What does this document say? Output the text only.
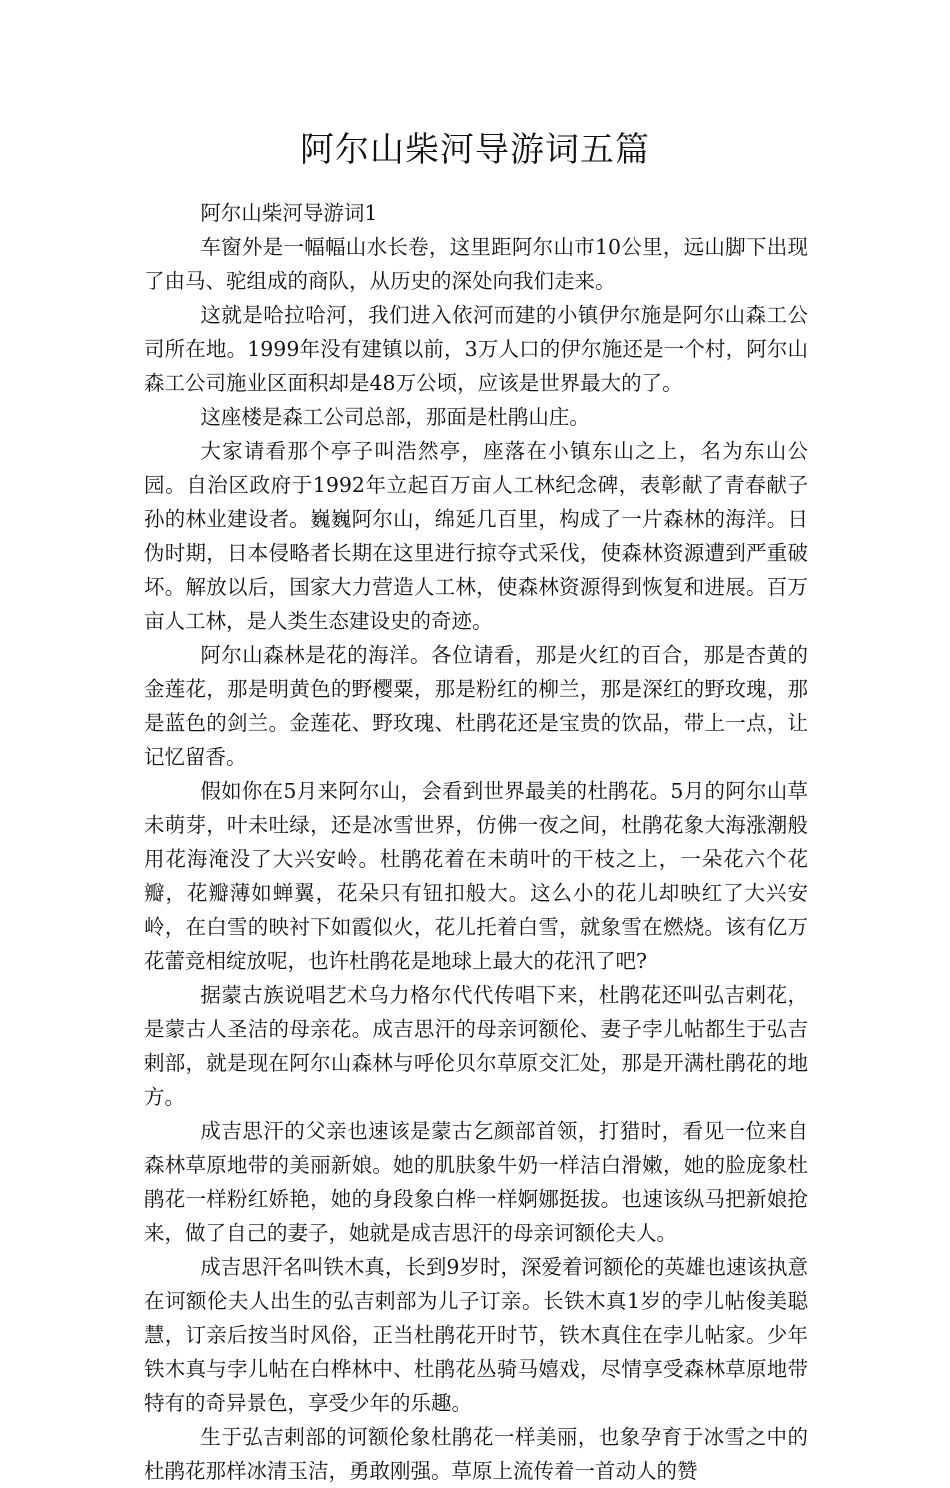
阿尔山柴河导游词五篇

阿尔山柴河导游词1

车窗外是一幅幅山水长卷，这里距阿尔山市10公里，远山脚下出现了由马、驼组成的商队，从历史的深处向我们走来。

这就是哈拉哈河，我们进入依河而建的小镇伊尔施是阿尔山森工公司所在地。1999年没有建镇以前，3万人口的伊尔施还是一个村，阿尔山森工公司施业区面积却是48万公顷，应该是世界最大的了。

这座楼是森工公司总部，那面是杜鹃山庄。

大家请看那个亭子叫浩然亭，座落在小镇东山之上，名为东山公园。自治区政府于1992年立起百万亩人工林纪念碑，表彰献了青春献子孙的林业建设者。巍巍阿尔山，绵延几百里，构成了一片森林的海洋。日伪时期，日本侵略者长期在这里进行掠夺式采伐，使森林资源遭到严重破坏。解放以后，国家大力营造人工林，使森林资源得到恢复和进展。百万亩人工林，是人类生态建设史的奇迹。

阿尔山森林是花的海洋。各位请看，那是火红的百合，那是杏黄的金莲花，那是明黄色的野樱粟，那是粉红的柳兰，那是深红的野玫瑰，那是蓝色的剑兰。金莲花、野玫瑰、杜鹃花还是宝贵的饮品，带上一点，让记忆留香。

假如你在5月来阿尔山，会看到世界最美的杜鹃花。5月的阿尔山草未萌芽，叶未吐绿，还是冰雪世界，仿佛一夜之间，杜鹃花象大海涨潮般用花海淹没了大兴安岭。杜鹃花着在未萌叶的干枝之上，一朵花六个花瓣，花瓣薄如蝉翼，花朵只有钮扣般大。这么小的花儿却映红了大兴安岭，在白雪的映衬下如霞似火，花儿托着白雪，就象雪在燃烧。该有亿万花蕾竞相绽放呢，也许杜鹃花是地球上最大的花汛了吧?

据蒙古族说唱艺术乌力格尔代代传唱下来，杜鹃花还叫弘吉剌花，是蒙古人圣洁的母亲花。成吉思汗的母亲诃额伦、妻子孛儿帖都生于弘吉剌部，就是现在阿尔山森林与呼伦贝尔草原交汇处，那是开满杜鹃花的地方。

成吉思汗的父亲也速该是蒙古乞颜部首领，打猎时，看见一位来自森林草原地带的美丽新娘。她的肌肤象牛奶一样洁白滑嫩，她的脸庞象杜鹃花一样粉红娇艳，她的身段象白桦一样婀娜挺拔。也速该纵马把新娘抢来，做了自己的妻子，她就是成吉思汗的母亲诃额伦夫人。

成吉思汗名叫铁木真，长到9岁时，深爱着诃额伦的英雄也速该执意在诃额伦夫人出生的弘吉剌部为儿子订亲。长铁木真1岁的孛儿帖俊美聪慧，订亲后按当时风俗，正当杜鹃花开时节，铁木真住在孛儿帖家。少年铁木真与孛儿帖在白桦林中、杜鹃花丛骑马嬉戏，尽情享受森林草原地带特有的奇异景色，享受少年的乐趣。

生于弘吉剌部的诃额伦象杜鹃花一样美丽，也象孕育于冰雪之中的杜鹃花那样冰清玉洁，勇敢刚强。草原上流传着一首动人的赞
